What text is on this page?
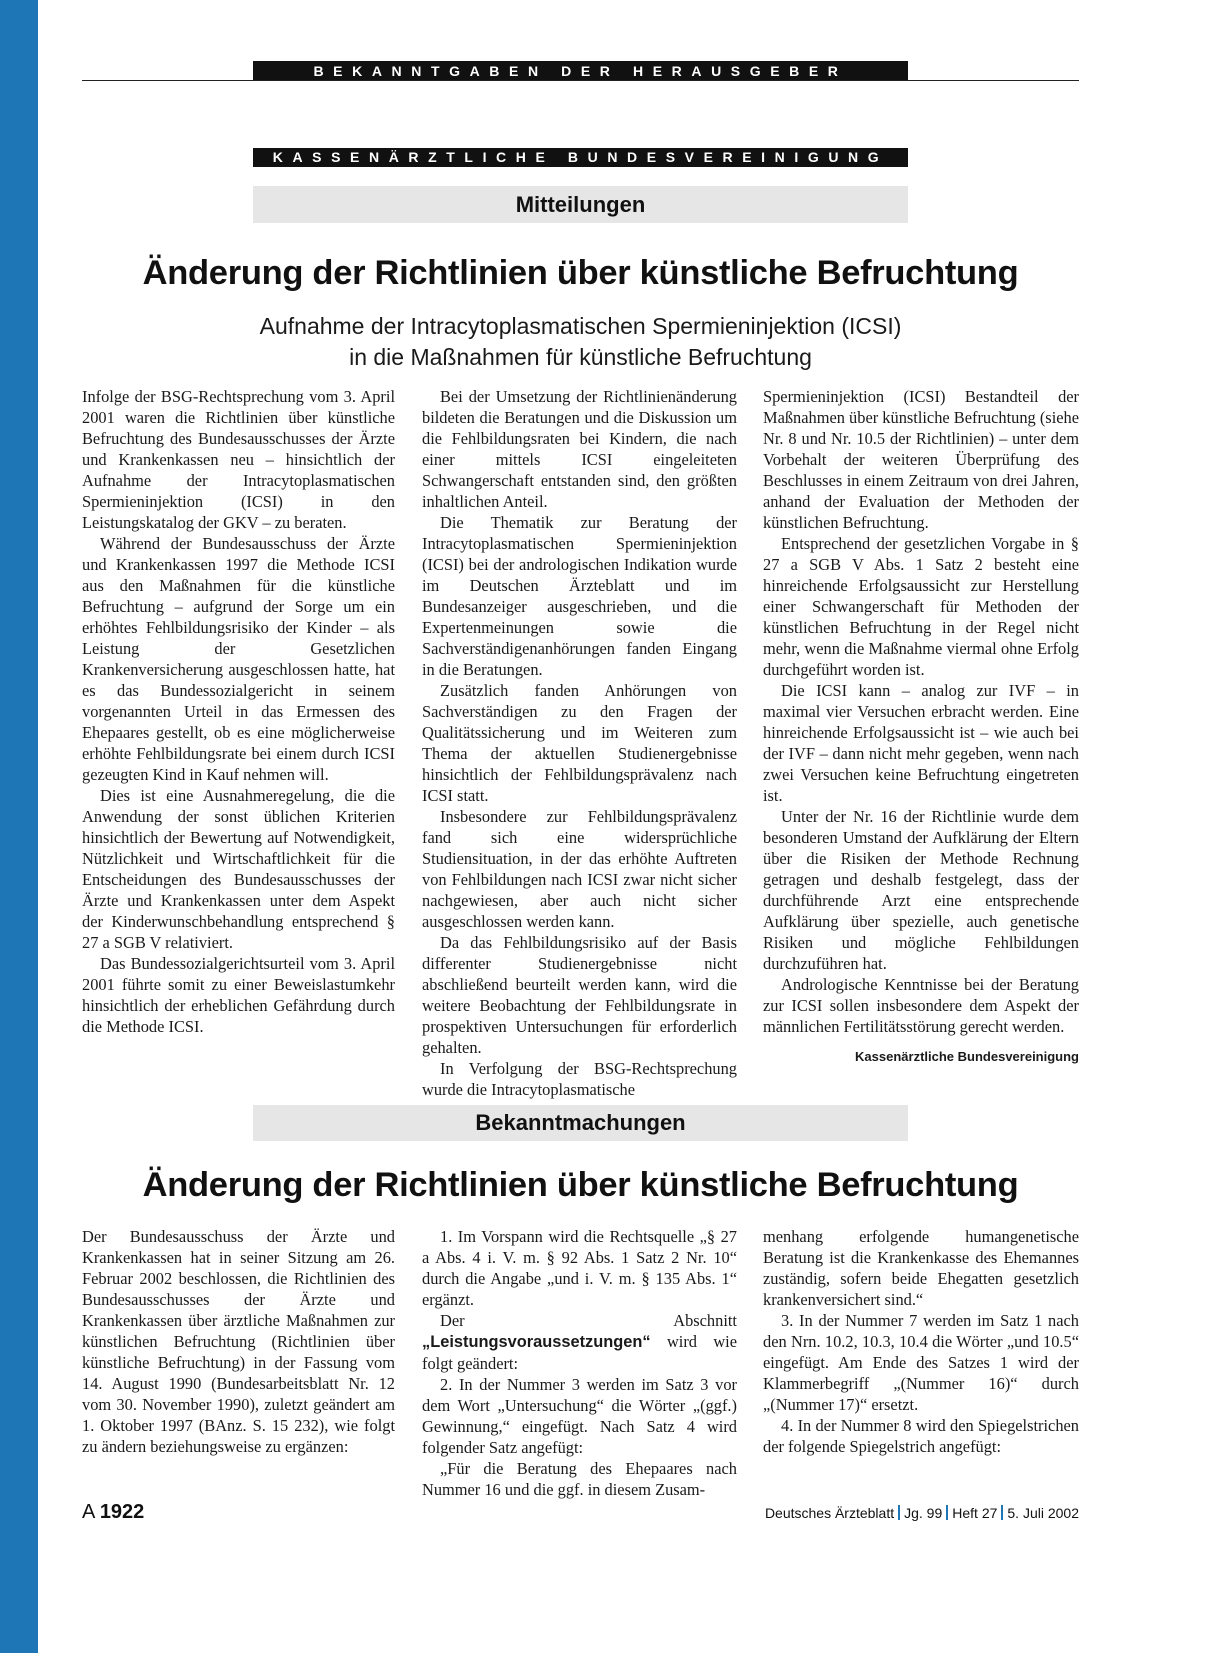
BEKANNTGABEN DER HERAUSGEBER
KASSENÄRZTLICHE BUNDESVEREINIGUNG
Mitteilungen
Änderung der Richtlinien über künstliche Befruchtung
Aufnahme der Intracytoplasmatischen Spermieninjektion (ICSI)
in die Maßnahmen für künstliche Befruchtung

Infolge der BSG-Rechtsprechung vom 3. April 2001 waren die Richtlinien über künstliche Befruchtung des Bundesausschusses der Ärzte und Krankenkassen neu – hinsichtlich der Aufnahme der Intracytoplasmatischen Spermieninjektion (ICSI) in den Leistungskatalog der GKV – zu beraten.

Während der Bundesausschuss der Ärzte und Krankenkassen 1997 die Methode ICSI aus den Maßnahmen für die künstliche Befruchtung – aufgrund der Sorge um ein erhöhtes Fehlbildungsrisiko der Kinder – als Leistung der Gesetzlichen Krankenversicherung ausgeschlossen hatte, hat es das Bundessozialgericht in seinem vorgenannten Urteil in das Ermessen des Ehepaares gestellt, ob es eine möglicherweise erhöhte Fehlbildungsrate bei einem durch ICSI gezeugten Kind in Kauf nehmen will.

Dies ist eine Ausnahmeregelung, die die Anwendung der sonst üblichen Kriterien hinsichtlich der Bewertung auf Notwendigkeit, Nützlichkeit und Wirtschaftlichkeit für die Entscheidungen des Bundesausschusses der Ärzte und Krankenkassen unter dem Aspekt der Kinderwunschbehandlung entsprechend § 27 a SGB V relativiert.

Das Bundessozialgerichtsurteil vom 3. April 2001 führte somit zu einer Beweislastumkehr hinsichtlich der erheblichen Gefährdung durch die Methode ICSI.

Bei der Umsetzung der Richtlinienänderung bildeten die Beratungen und die Diskussion um die Fehlbildungsraten bei Kindern, die nach einer mittels ICSI eingeleiteten Schwangerschaft entstanden sind, den größten inhaltlichen Anteil.

Die Thematik zur Beratung der Intracytoplasmatischen Spermieninjektion (ICSI) bei der andrologischen Indikation wurde im Deutschen Ärzteblatt und im Bundesanzeiger ausgeschrieben, und die Expertenmeinungen sowie die Sachverständigenanhörungen fanden Eingang in die Beratungen.

Zusätzlich fanden Anhörungen von Sachverständigen zu den Fragen der Qualitätssicherung und im Weiteren zum Thema der aktuellen Studienergebnisse hinsichtlich der Fehlbildungsprävalenz nach ICSI statt.

Insbesondere zur Fehlbildungsprävalenz fand sich eine widersprüchliche Studiensituation, in der das erhöhte Auftreten von Fehlbildungen nach ICSI zwar nicht sicher nachgewiesen, aber auch nicht sicher ausgeschlossen werden kann.

Da das Fehlbildungsrisiko auf der Basis differenter Studienergebnisse nicht abschließend beurteilt werden kann, wird die weitere Beobachtung der Fehlbildungsrate in prospektiven Untersuchungen für erforderlich gehalten.

In Verfolgung der BSG-Rechtsprechung wurde die Intracytoplasmatische

Spermieninjektion (ICSI) Bestandteil der Maßnahmen über künstliche Befruchtung (siehe Nr. 8 und Nr. 10.5 der Richtlinien) – unter dem Vorbehalt der weiteren Überprüfung des Beschlusses in einem Zeitraum von drei Jahren, anhand der Evaluation der Methoden der künstlichen Befruchtung.

Entsprechend der gesetzlichen Vorgabe in § 27 a SGB V Abs. 1 Satz 2 besteht eine hinreichende Erfolgsaussicht zur Herstellung einer Schwangerschaft für Methoden der künstlichen Befruchtung in der Regel nicht mehr, wenn die Maßnahme viermal ohne Erfolg durchgeführt worden ist.

Die ICSI kann – analog zur IVF – in maximal vier Versuchen erbracht werden. Eine hinreichende Erfolgsaussicht ist – wie auch bei der IVF – dann nicht mehr gegeben, wenn nach zwei Versuchen keine Befruchtung eingetreten ist.

Unter der Nr. 16 der Richtlinie wurde dem besonderen Umstand der Aufklärung der Eltern über die Risiken der Methode Rechnung getragen und deshalb festgelegt, dass der durchführende Arzt eine entsprechende Aufklärung über spezielle, auch genetische Risiken und mögliche Fehlbildungen durchzuführen hat.

Andrologische Kenntnisse bei der Beratung zur ICSI sollen insbesondere dem Aspekt der männlichen Fertilitätsstörung gerecht werden.

Kassenärztliche Bundesvereinigung
Bekanntmachungen
Änderung der Richtlinien über künstliche Befruchtung

Der Bundesausschuss der Ärzte und Krankenkassen hat in seiner Sitzung am 26. Februar 2002 beschlossen, die Richtlinien des Bundesausschusses der Ärzte und Krankenkassen über ärztliche Maßnahmen zur künstlichen Befruchtung (Richtlinien über künstliche Befruchtung) in der Fassung vom 14. August 1990 (Bundesarbeitsblatt Nr. 12 vom 30. November 1990), zuletzt geändert am 1. Oktober 1997 (BAnz. S. 15 232), wie folgt zu ändern beziehungsweise zu ergänzen:

1. Im Vorspann wird die Rechtsquelle „§ 27 a Abs. 4 i. V. m. § 92 Abs. 1 Satz 2 Nr. 10“ durch die Angabe „und i. V. m. § 135 Abs. 1“ ergänzt.

Der Abschnitt „Leistungsvoraussetzungen“ wird wie folgt geändert:

2. In der Nummer 3 werden im Satz 3 vor dem Wort „Untersuchung“ die Wörter „(ggf.) Gewinnung,“ eingefügt. Nach Satz 4 wird folgender Satz angefügt:

„Für die Beratung des Ehepaares nach Nummer 16 und die ggf. in diesem Zusam-

menhang erfolgende humangenetische Beratung ist die Krankenkasse des Ehemannes zuständig, sofern beide Ehegatten gesetzlich krankenversichert sind.“

3. In der Nummer 7 werden im Satz 1 nach den Nrn. 10.2, 10.3, 10.4 die Wörter „und 10.5“ eingefügt. Am Ende des Satzes 1 wird der Klammerbegriff „(Nummer 16)“ durch „(Nummer 17)“ ersetzt.

4. In der Nummer 8 wird den Spiegelstrichen der folgende Spiegelstrich angefügt:

A 1922	Deutsches Ärzteblatt Jg. 99 Heft 27 5. Juli 2002
